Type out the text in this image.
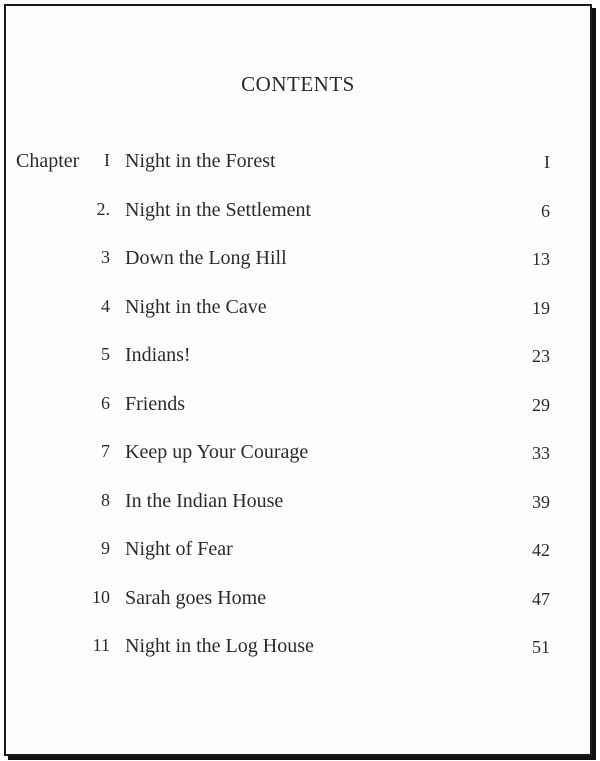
CONTENTS
Chapter I Night in the Forest	I
2. Night in the Settlement	6
3 Down the Long Hill	13
4 Night in the Cave	19
5 Indians!	23
6 Friends	29
7 Keep up Your Courage	33
8 In the Indian House	39
9 Night of Fear	42
10 Sarah goes Home	47
11 Night in the Log House	51
